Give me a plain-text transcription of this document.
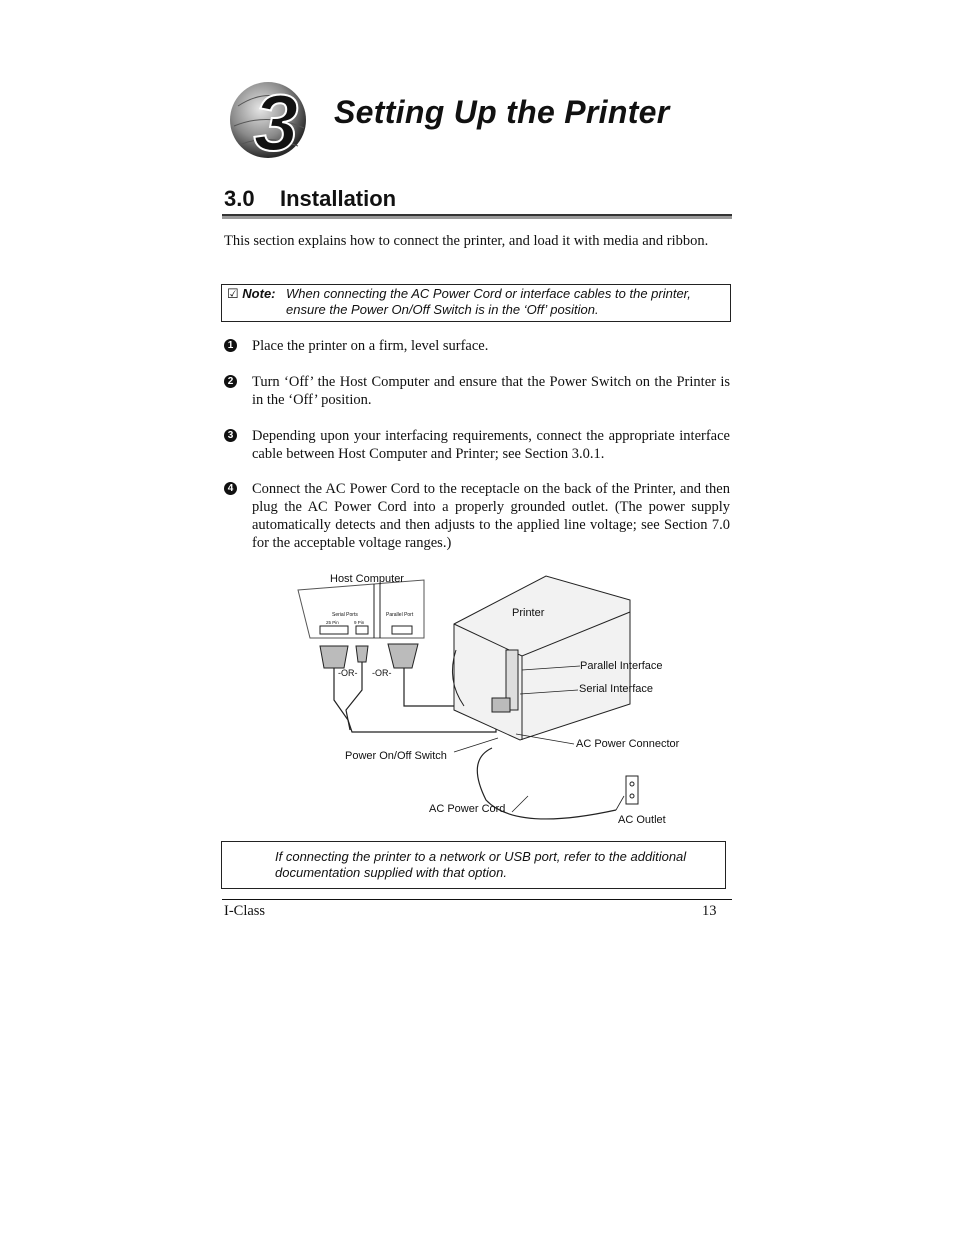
3 Setting Up the Printer
3.0 Installation
This section explains how to connect the printer, and load it with media and ribbon.
☑ Note: When connecting the AC Power Cord or interface cables to the printer, ensure the Power On/Off Switch is in the ‘Off’ position.
1 Place the printer on a firm, level surface.
2 Turn ‘Off’ the Host Computer and ensure that the Power Switch on the Printer is in the ‘Off’ position.
3 Depending upon your interfacing requirements, connect the appropriate interface cable between Host Computer and Printer; see Section 3.0.1.
4 Connect the AC Power Cord to the receptacle on the back of the Printer, and then plug the AC Power Cord into a properly grounded outlet. (The power supply automatically detects and then adjusts to the applied line voltage; see Section 7.0 for the acceptable voltage ranges.)
Host Computer
Serial Ports	Parallel Port
25 Pin	9 Pin
-OR- -OR-
Printer
Parallel Interface
Serial Interface
AC Power Connector
Power On/Off Switch
AC Power Cord
AC Outlet
If connecting the printer to a network or USB port, refer to the additional documentation supplied with that option.
I-Class	13
